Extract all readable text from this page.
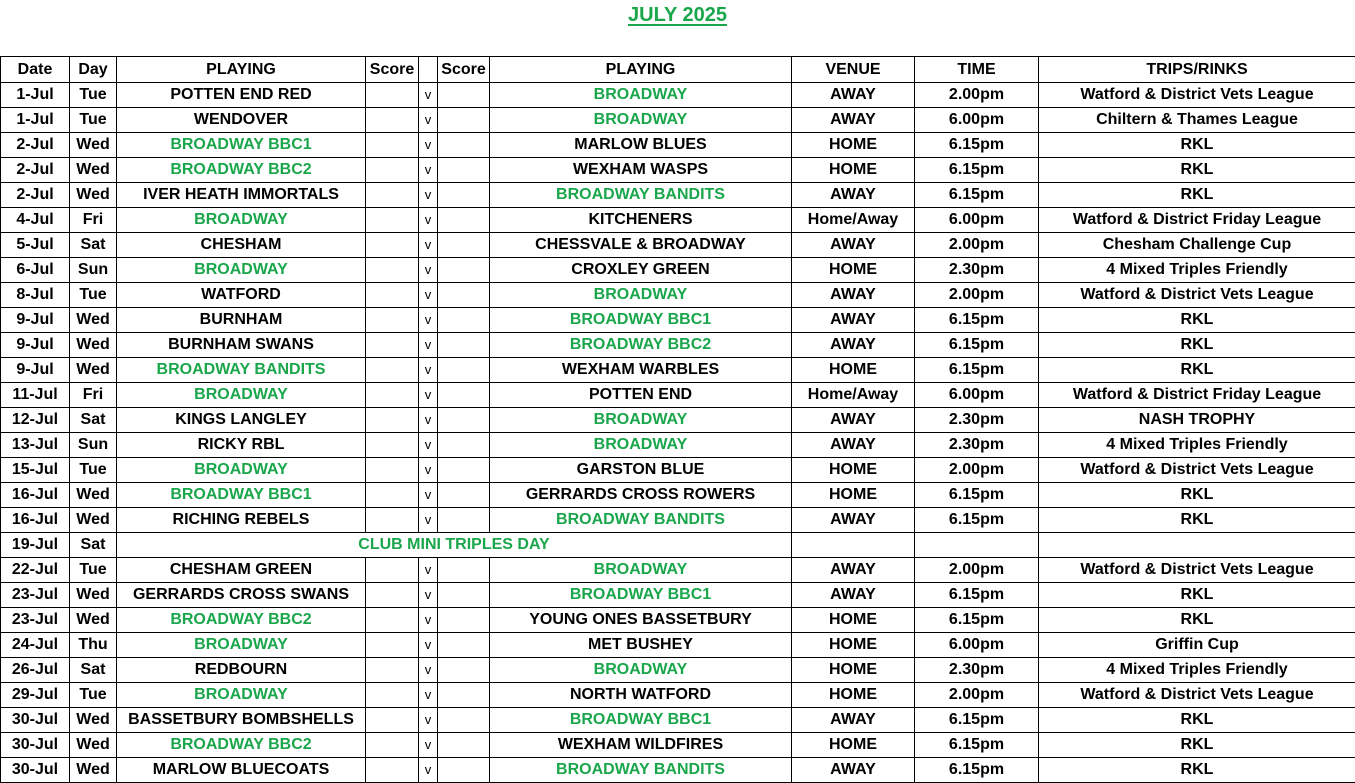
JULY 2025
Date	Day	PLAYING	Score		Score	PLAYING	VENUE	TIME	TRIPS/RINKS
1-Jul	Tue	POTTEN END RED		v		BROADWAY	AWAY	2.00pm	Watford & District Vets League
1-Jul	Tue	WENDOVER		v		BROADWAY	AWAY	6.00pm	Chiltern & Thames League
2-Jul	Wed	BROADWAY BBC1		v		MARLOW BLUES	HOME	6.15pm	RKL
2-Jul	Wed	BROADWAY BBC2		v		WEXHAM WASPS	HOME	6.15pm	RKL
2-Jul	Wed	IVER HEATH IMMORTALS		v		BROADWAY BANDITS	AWAY	6.15pm	RKL
4-Jul	Fri	BROADWAY		v		KITCHENERS	Home/Away	6.00pm	Watford & District Friday League
5-Jul	Sat	CHESHAM		v		CHESSVALE & BROADWAY	AWAY	2.00pm	Chesham Challenge Cup
6-Jul	Sun	BROADWAY		v		CROXLEY GREEN	HOME	2.30pm	4 Mixed Triples Friendly
8-Jul	Tue	WATFORD		v		BROADWAY	AWAY	2.00pm	Watford & District Vets League
9-Jul	Wed	BURNHAM		v		BROADWAY BBC1	AWAY	6.15pm	RKL
9-Jul	Wed	BURNHAM SWANS		v		BROADWAY BBC2	AWAY	6.15pm	RKL
9-Jul	Wed	BROADWAY BANDITS		v		WEXHAM WARBLES	HOME	6.15pm	RKL
11-Jul	Fri	BROADWAY		v		POTTEN END	Home/Away	6.00pm	Watford & District Friday League
12-Jul	Sat	KINGS LANGLEY		v		BROADWAY	AWAY	2.30pm	NASH TROPHY
13-Jul	Sun	RICKY RBL		v		BROADWAY	AWAY	2.30pm	4 Mixed Triples Friendly
15-Jul	Tue	BROADWAY		v		GARSTON BLUE	HOME	2.00pm	Watford & District Vets League
16-Jul	Wed	BROADWAY BBC1		v		GERRARDS CROSS ROWERS	HOME	6.15pm	RKL
16-Jul	Wed	RICHING REBELS		v		BROADWAY BANDITS	AWAY	6.15pm	RKL
19-Jul	Sat	CLUB MINI TRIPLES DAY							
22-Jul	Tue	CHESHAM GREEN		v		BROADWAY	AWAY	2.00pm	Watford & District Vets League
23-Jul	Wed	GERRARDS CROSS SWANS		v		BROADWAY BBC1	AWAY	6.15pm	RKL
23-Jul	Wed	BROADWAY BBC2		v		YOUNG ONES BASSETBURY	HOME	6.15pm	RKL
24-Jul	Thu	BROADWAY		v		MET BUSHEY	HOME	6.00pm	Griffin Cup
26-Jul	Sat	REDBOURN		v		BROADWAY	HOME	2.30pm	4 Mixed Triples Friendly
29-Jul	Tue	BROADWAY		v		NORTH WATFORD	HOME	2.00pm	Watford & District Vets League
30-Jul	Wed	BASSETBURY BOMBSHELLS		v		BROADWAY BBC1	AWAY	6.15pm	RKL
30-Jul	Wed	BROADWAY BBC2		v		WEXHAM WILDFIRES	HOME	6.15pm	RKL
30-Jul	Wed	MARLOW BLUECOATS		v		BROADWAY BANDITS	AWAY	6.15pm	RKL
